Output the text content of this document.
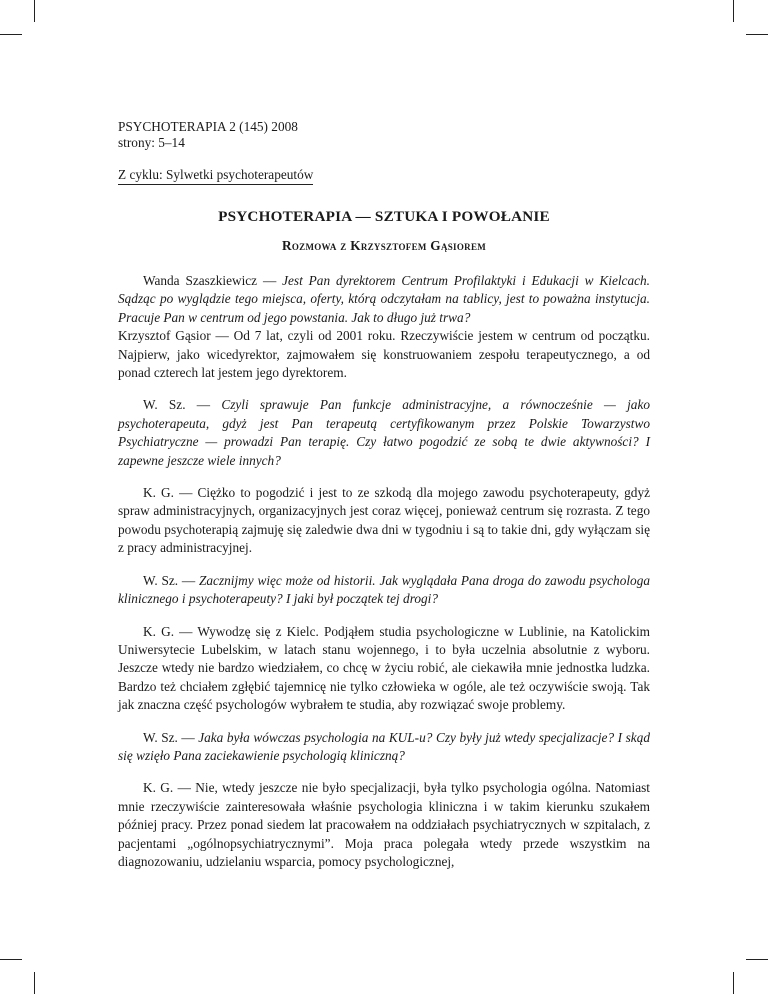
PSYCHOTERAPIA 2 (145) 2008
strony: 5–14
Z cyklu: Sylwetki psychoterapeutów
PSYCHOTERAPIA — SZTUKA I POWOŁANIE
Rozmowa z Krzysztofem Gąsiorem

Wanda Szaszkiewicz — Jest Pan dyrektorem Centrum Profilaktyki i Edukacji w Kielcach. Sądząc po wyglądzie tego miejsca, oferty, którą odczytałam na tablicy, jest to poważna instytucja. Pracuje Pan w centrum od jego powstania. Jak to długo już trwa?

Krzysztof Gąsior — Od 7 lat, czyli od 2001 roku. Rzeczywiście jestem w centrum od początku. Najpierw, jako wicedyrektor, zajmowałem się konstruowaniem zespołu terapeutycznego, a od ponad czterech lat jestem jego dyrektorem.

W. Sz. — Czyli sprawuje Pan funkcje administracyjne, a równocześnie — jako psychoterapeuta, gdyż jest Pan terapeutą certyfikowanym przez Polskie Towarzystwo Psychiatryczne — prowadzi Pan terapię. Czy łatwo pogodzić ze sobą te dwie aktywności? I zapewne jeszcze wiele innych?

K. G. — Ciężko to pogodzić i jest to ze szkodą dla mojego zawodu psychoterapeuty, gdyż spraw administracyjnych, organizacyjnych jest coraz więcej, ponieważ centrum się rozrasta. Z tego powodu psychoterapią zajmuję się zaledwie dwa dni w tygodniu i są to takie dni, gdy wyłączam się z pracy administracyjnej.

W. Sz. — Zacznijmy więc może od historii. Jak wyglądała Pana droga do zawodu psychologa klinicznego i psychoterapeuty? I jaki był początek tej drogi?

K. G. — Wywodzę się z Kielc. Podjąłem studia psychologiczne w Lublinie, na Katolickim Uniwersytecie Lubelskim, w latach stanu wojennego, i to była uczelnia absolutnie z wyboru. Jeszcze wtedy nie bardzo wiedziałem, co chcę w życiu robić, ale ciekawiła mnie jednostka ludzka. Bardzo też chciałem zgłębić tajemnicę nie tylko człowieka w ogóle, ale też oczywiście swoją. Tak jak znaczna część psychologów wybrałem te studia, aby rozwiązać swoje problemy.

W. Sz. — Jaka była wówczas psychologia na KUL-u? Czy były już wtedy specjalizacje? I skąd się wzięło Pana zaciekawienie psychologią kliniczną?

K. G. — Nie, wtedy jeszcze nie było specjalizacji, była tylko psychologia ogólna. Natomiast mnie rzeczywiście zainteresowała właśnie psychologia kliniczna i w takim kierunku szukałem później pracy. Przez ponad siedem lat pracowałem na oddziałach psychiatrycznych w szpitalach, z pacjentami „ogólnopsychiatrycznymi”. Moja praca polegała wtedy przede wszystkim na diagnozowaniu, udzielaniu wsparcia, pomocy psychologicznej,
